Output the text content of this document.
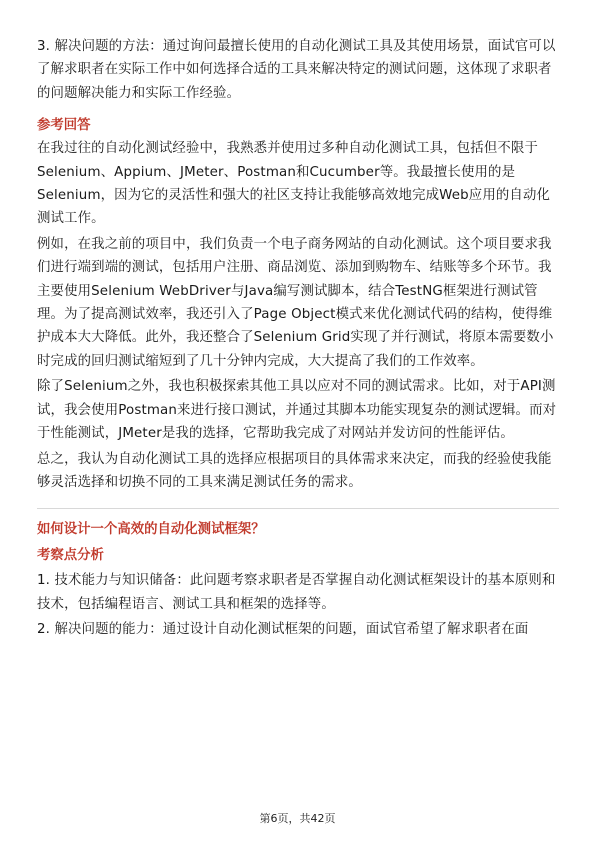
3. 解决问题的方法：通过询问最擅长使用的自动化测试工具及其使用场景，面试官可以了解求职者在实际工作中如何选择合适的工具来解决特定的测试问题，这体现了求职者的问题解决能力和实际工作经验。

参考回答

在我过往的自动化测试经验中，我熟悉并使用过多种自动化测试工具，包括但不限于Selenium、Appium、JMeter、Postman和Cucumber等。我最擅长使用的是Selenium，因为它的灵活性和强大的社区支持让我能够高效地完成Web应用的自动化测试工作。

例如，在我之前的项目中，我们负责一个电子商务网站的自动化测试。这个项目要求我们进行端到端的测试，包括用户注册、商品浏览、添加到购物车、结账等多个环节。我主要使用Selenium WebDriver与Java编写测试脚本，结合TestNG框架进行测试管理。为了提高测试效率，我还引入了Page Object模式来优化测试代码的结构，使得维护成本大大降低。此外，我还整合了Selenium Grid实现了并行测试，将原本需要数小时完成的回归测试缩短到了几十分钟内完成，大大提高了我们的工作效率。

除了Selenium之外，我也积极探索其他工具以应对不同的测试需求。比如，对于API测试，我会使用Postman来进行接口测试，并通过其脚本功能实现复杂的测试逻辑。而对于性能测试，JMeter是我的选择，它帮助我完成了对网站并发访问的性能评估。

总之，我认为自动化测试工具的选择应根据项目的具体需求来决定，而我的经验使我能够灵活选择和切换不同的工具来满足测试任务的需求。

如何设计一个高效的自动化测试框架？
考察点分析

1. 技术能力与知识储备：此问题考察求职者是否掌握自动化测试框架设计的基本原则和技术，包括编程语言、测试工具和框架的选择等。

2. 解决问题的能力：通过设计自动化测试框架的问题，面试官希望了解求职者在面

第6页，共42页
